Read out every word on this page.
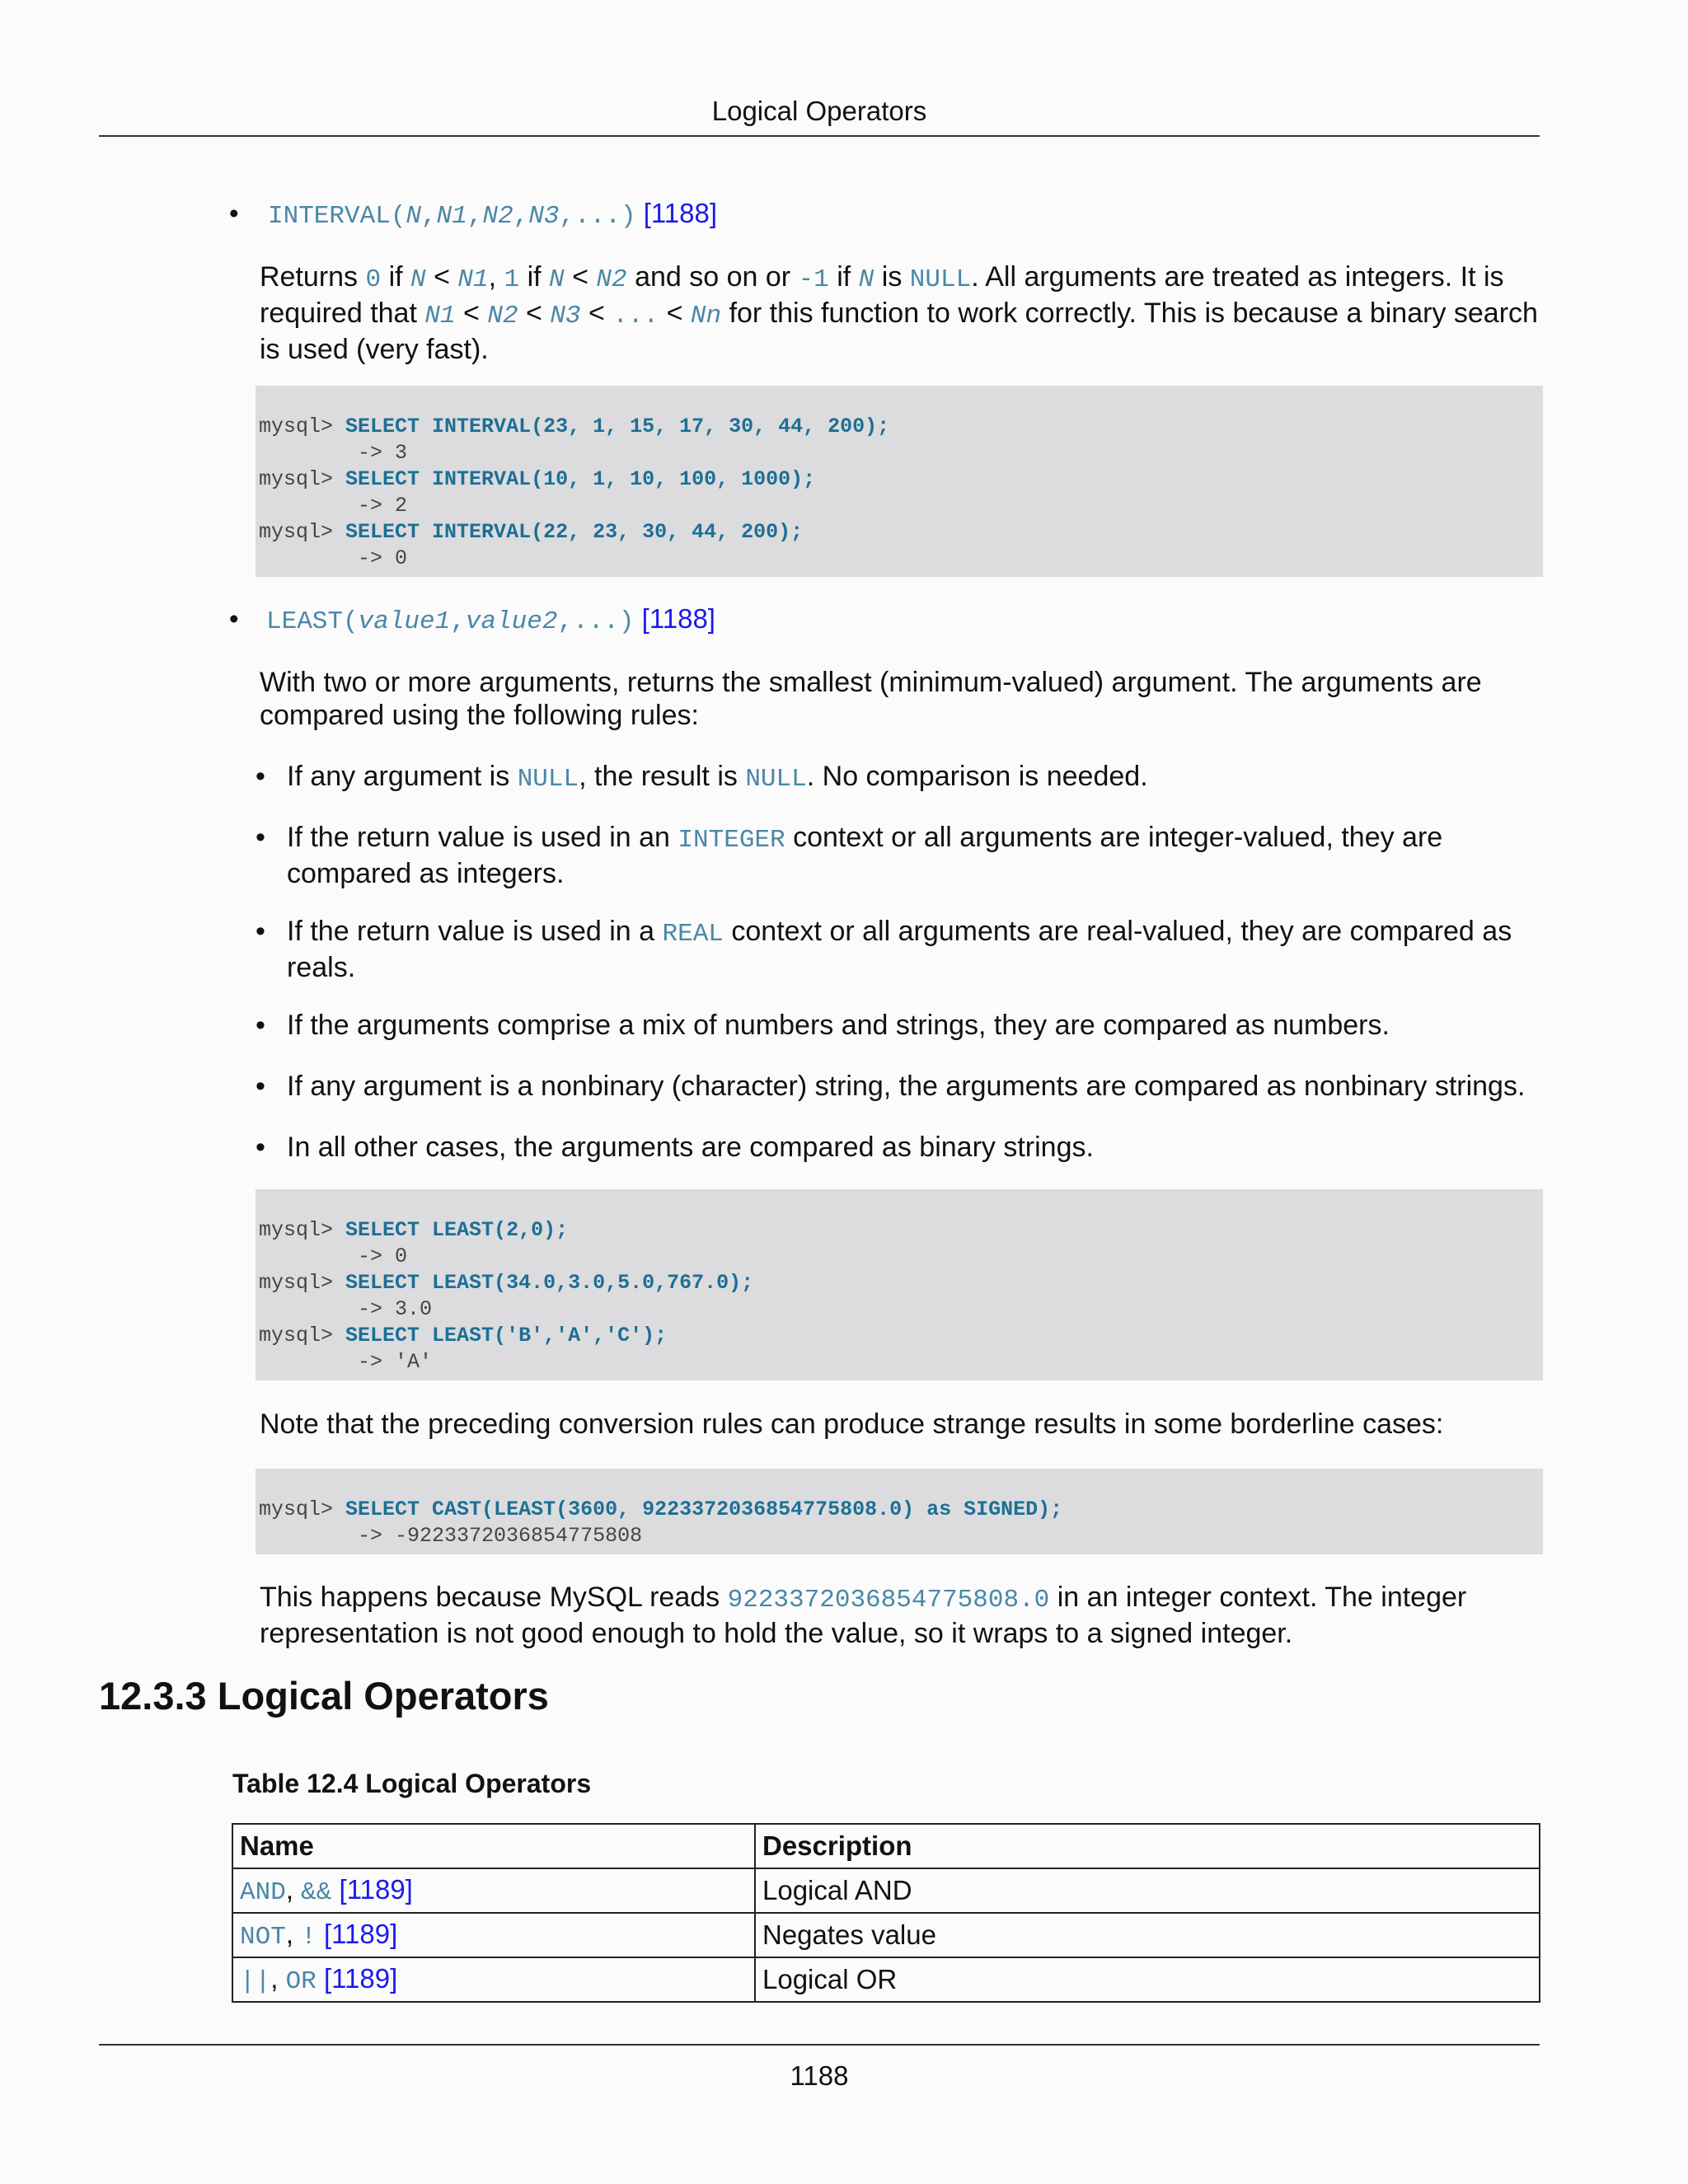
Logical Operators
• INTERVAL(N,N1,N2,N3,...)
[1188]

Returns 0 if N < N1, 1 if N < N2 and so on or -1 if N is NULL. All arguments are treated as integers. It is required that N1 < N2 < N3 < ... < Nn for this function to work correctly. This is because a binary search is used (very fast).

mysql> SELECT INTERVAL(23, 1, 15, 17, 30, 44, 200);
-> 3
mysql> SELECT INTERVAL(10, 1, 10, 100, 1000);
-> 2
mysql> SELECT INTERVAL(22, 23, 30, 44, 200);
-> 0
• LEAST(value1,value2,...)
[1188]

With two or more arguments, returns the smallest (minimum-valued) argument. The arguments are
compared using the following rules:

• If any argument is NULL, the result is NULL. No comparison is needed.
• If the return value is used in an INTEGER context or all arguments are integer-valued, they are
compared as integers.
• If the return value is used in a REAL context or all arguments are real-valued, they are compared as
reals.
• If the arguments comprise a mix of numbers and strings, they are compared as numbers.
• If any argument is a nonbinary (character) string, the arguments are compared as nonbinary strings.
• In all other cases, the arguments are compared as binary strings.
mysql> SELECT LEAST(2,0);
-> 0
mysql> SELECT LEAST(34.0,3.0,5.0,767.0);
-> 3.0
mysql> SELECT LEAST('B','A','C');
-> 'A'

Note that the preceding conversion rules can produce strange results in some borderline cases:

mysql> SELECT CAST(LEAST(3600, 9223372036854775808.0) as SIGNED);
-> -9223372036854775808

This happens because MySQL reads 9223372036854775808.0 in an integer context. The integer
representation is not good enough to hold the value, so it wraps to a signed integer.

12.3.3 Logical Operators
Table 12.4 Logical Operators
Name	Description
AND, && [1189]	Logical AND
NOT, ! [1189]	Negates value
||, OR [1189]	Logical OR
1188
